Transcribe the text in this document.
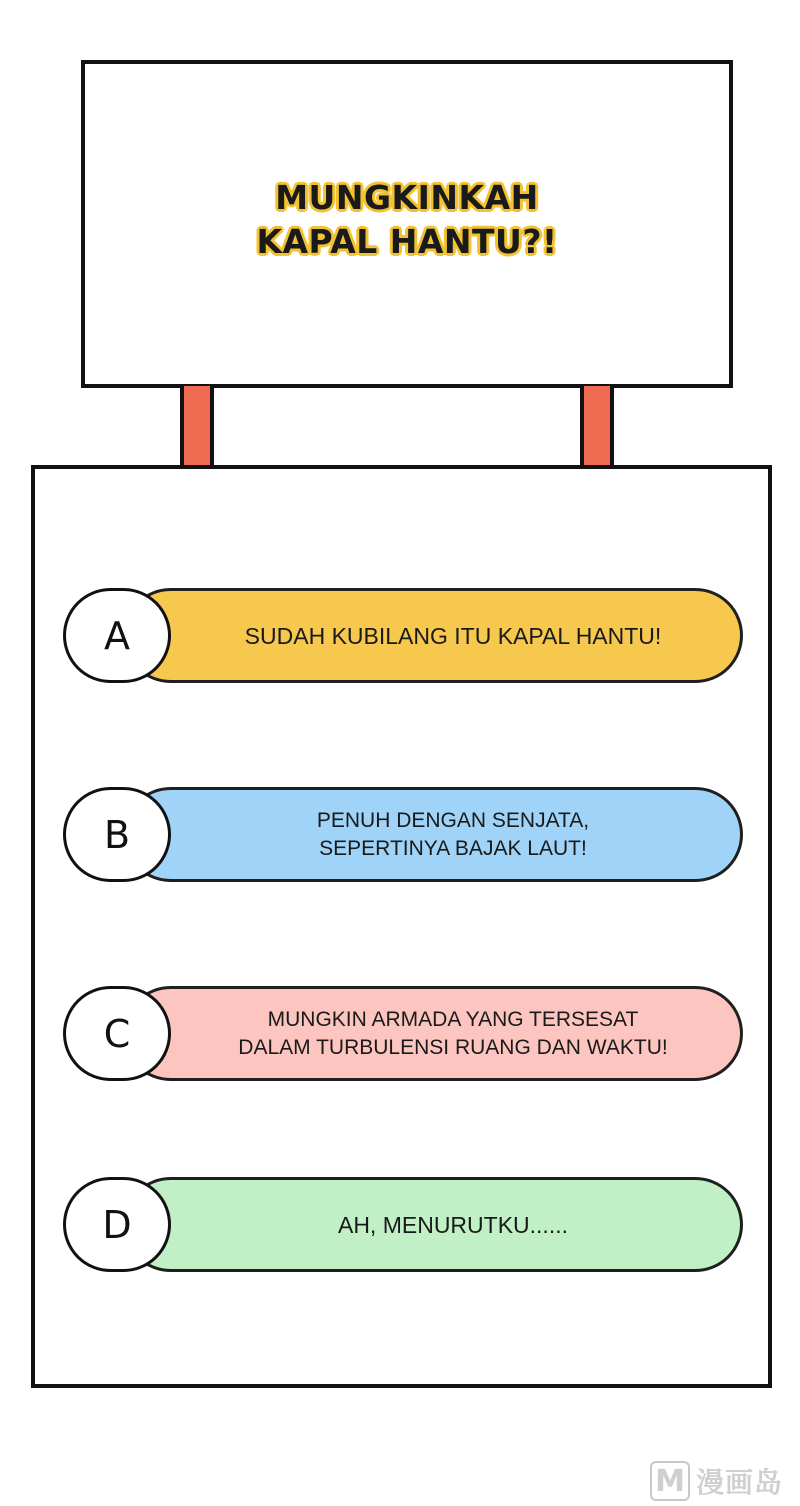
MUNGKINKAH
KAPAL HANTU?!
A	SUDAH KUBILANG ITU KAPAL HANTU!
B	PENUH DENGAN SENJATA,
SEPERTINYA BAJAK LAUT!
C	MUNGKIN ARMADA YANG TERSESAT
DALAM TURBULENSI RUANG DAN WAKTU!
D	AH, MENURUTKU......
M 漫画岛
